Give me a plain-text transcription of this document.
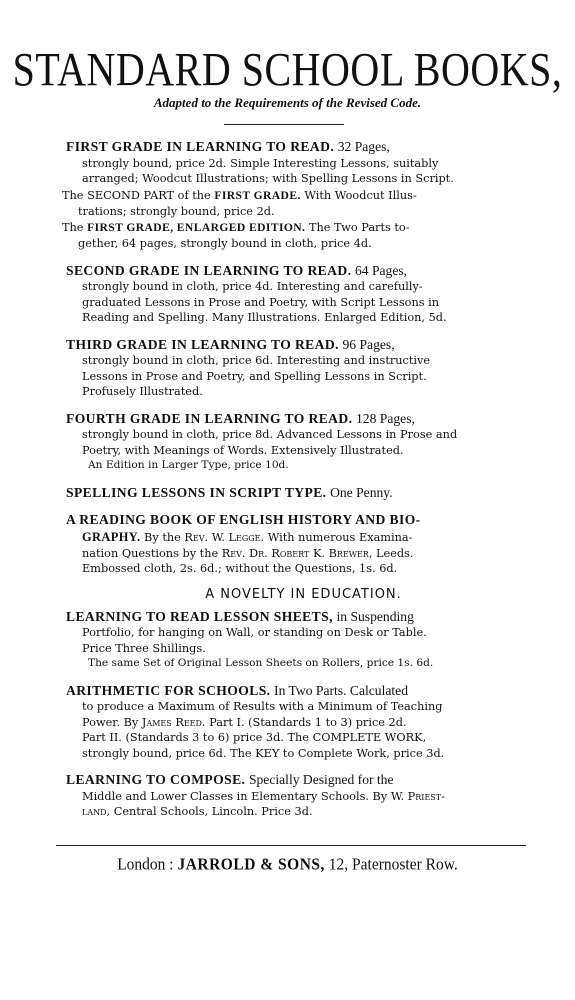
STANDARD SCHOOL BOOKS,
Adapted to the Requirements of the Revised Code.

FIRST GRADE IN LEARNING TO READ. 32 Pages,

strongly bound, price 2d. Simple Interesting Lessons, suitably

arranged; Woodcut Illustrations; with Spelling Lessons in Script.

The SECOND PART of the FIRST GRADE. With Woodcut Illus-

trations; strongly bound, price 2d.

The FIRST GRADE, ENLARGED EDITION. The Two Parts to-

gether, 64 pages, strongly bound in cloth, price 4d.

SECOND GRADE IN LEARNING TO READ. 64 Pages,

strongly bound in cloth, price 4d. Interesting and carefully-

graduated Lessons in Prose and Poetry, with Script Lessons in

Reading and Spelling. Many Illustrations. Enlarged Edition, 5d.

THIRD GRADE IN LEARNING TO READ. 96 Pages,

strongly bound in cloth, price 6d. Interesting and instructive

Lessons in Prose and Poetry, and Spelling Lessons in Script.

Profusely Illustrated.

FOURTH GRADE IN LEARNING TO READ. 128 Pages,

strongly bound in cloth, price 8d. Advanced Lessons in Prose and

Poetry, with Meanings of Words. Extensively Illustrated.

An Edition in Larger Type, price 10d.

SPELLING LESSONS IN SCRIPT TYPE. One Penny.

A READING BOOK OF ENGLISH HISTORY AND BIO-

GRAPHY. By the Rev. W. Legge. With numerous Examina-

nation Questions by the Rev. Dr. Robert K. Brewer, Leeds.

Embossed cloth, 2s. 6d.; without the Questions, 1s. 6d.

A NOVELTY IN EDUCATION.

LEARNING TO READ LESSON SHEETS, in Suspending

Portfolio, for hanging on Wall, or standing on Desk or Table.

Price Three Shillings.

The same Set of Original Lesson Sheets on Rollers, price 1s. 6d.

ARITHMETIC FOR SCHOOLS. In Two Parts. Calculated

to produce a Maximum of Results with a Minimum of Teaching

Power. By James Reed. Part I. (Standards 1 to 3) price 2d.

Part II. (Standards 3 to 6) price 3d. The COMPLETE WORK,

strongly bound, price 6d. The KEY to Complete Work, price 3d.

LEARNING TO COMPOSE. Specially Designed for the

Middle and Lower Classes in Elementary Schools. By W. Priest-

land, Central Schools, Lincoln. Price 3d.

London : JARROLD & SONS, 12, Paternoster Row.
